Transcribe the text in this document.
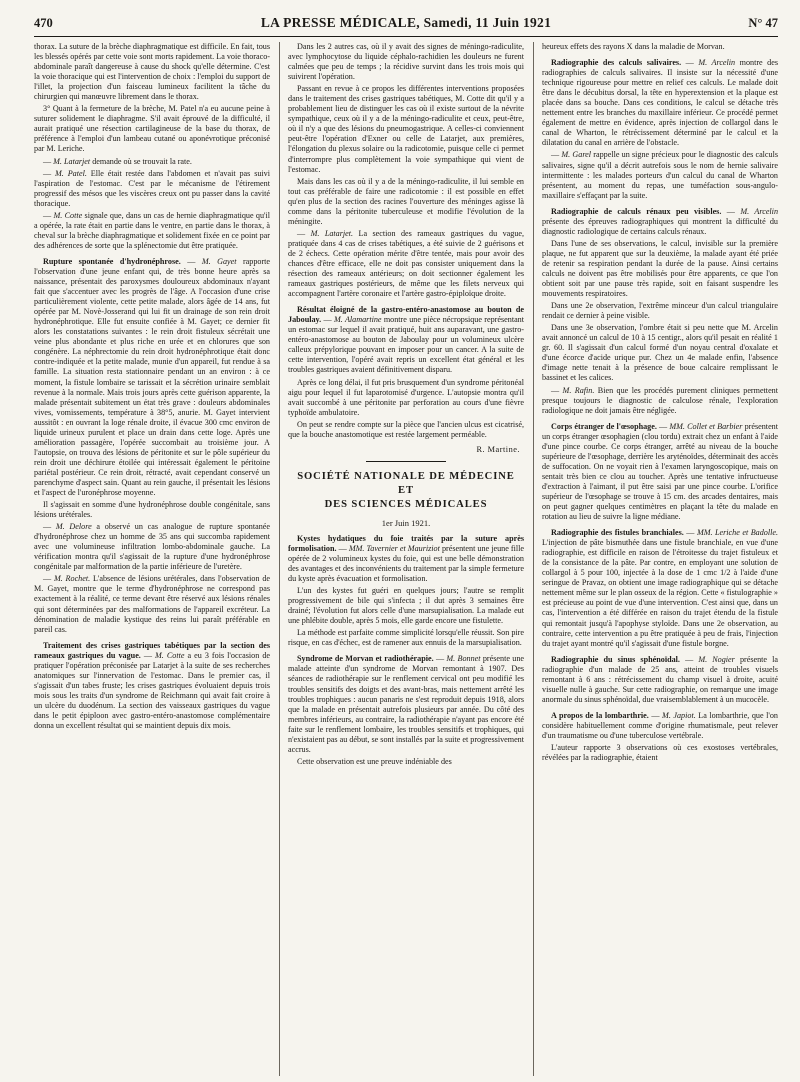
470	LA PRESSE MÉDICALE, Samedi, 11 Juin 1921	N° 47

thorax. La suture de la brèche diaphragmatique est difficile. En fait, tous les blessés opérés par cette voie sont morts rapidement. La voie thoraco-abdominale paraît dangereuse à cause du shock qu'elle détermine. C'est la voie thoracique qui est l'intervention de choix : l'emploi du support de l'illet, la projection d'un faisceau lumineux facilitent la tâche du chirurgien qui manœuvre librement dans le thorax.

3° Quant à la fermeture de la brèche, M. Patel n'a eu aucune peine à suturer solidement le diaphragme. S'il avait éprouvé de la difficulté, il aurait pratiqué une résection cartilagineuse de la base du thorax, de préférence à l'emploi d'un lambeau cutané ou aponévrotique préconisé par M. Leriche.

— M. Latarjet demande où se trouvait la rate.

— M. Patel. Elle était restée dans l'abdomen et n'avait pas suivi l'aspiration de l'estomac. C'est par le mécanisme de l'étirement progressif des mésos que les viscères creux ont pu passer dans la cavité thoracique.

— M. Cotte signale que, dans un cas de hernie diaphragmatique qu'il a opérée, la rate était en partie dans le ventre, en partie dans le thorax, à cheval sur la brèche diaphragmatique et solidement fixée en ce point par des adhérences de sorte que la splénectomie dut être pratiquée.

Rupture spontanée d'hydronéphrose. — M. Gayet rapporte l'observation d'une jeune enfant qui, de très bonne heure après sa naissance, présentait des paroxysmes douloureux abdominaux n'ayant fait que s'accentuer avec les progrès de l'âge. A l'occasion d'une crise particulièrement violente, cette petite malade, alors âgée de 14 ans, fut opérée par M. Novè-Josserand qui lui fit un drainage de son rein droit hydronéphrotique. Elle fut ensuite confiée à M. Gayet; ce dernier fit alors les constatations suivantes : le rein droit fistuleux sécrétait une veine plus abondante et plus riche en urée et en chlorures que son congénère. La néphrectomie du rein droit hydronéphrotique était donc contre-indiquée et la petite malade, munie d'un appareil, fut rendue à sa famille. La situation resta stationnaire pendant un an environ : à ce moment, la fistule lombaire se tarissait et la sécrétion urinaire semblait revenue à la normale. Mais trois jours après cette guérison apparente, la malade présentait subitement un état très grave : douleurs abdominales vives, vomissements, température à 38°5, anurie. M. Gayet intervient aussitôt : en ouvrant la loge rénale droite, il évacue 300 cmc environ de liquide urineux purulent et place un drain dans cette loge. Après une amélioration passagère, l'opérée succombait au troisième jour. A l'autopsie, on trouva des lésions de péritonite et sur le pôle supérieur du rein droit une déchirure étoilée qui intéressait également le péritoine pariétal postérieur. Ce rein droit, rétracté, avait cependant conservé un parenchyme d'aspect sain. Quant au rein gauche, il présentait les lésions et l'aspect de l'uronéphrose moyenne.

Il s'agissait en somme d'une hydronéphrose double congénitale, sans lésions urétérales.

— M. Delore a observé un cas analogue de rupture spontanée d'hydronéphrose chez un homme de 35 ans qui succomba rapidement avec une volumineuse infiltration lombo-abdominale gauche. La vérification montra qu'il s'agissait de la rupture d'une hydronéphrose congénitale par malformation de la partie inférieure de l'uretère.

— M. Rochet. L'absence de lésions urétérales, dans l'observation de M. Gayet, montre que le terme d'hydronéphrose ne correspond pas exactement à la réalité, ce terme devant être réservé aux lésions rénales qui sont déterminées par des malformations de l'appareil excréteur. La dénomination de maladie kystique des reins lui paraît préférable en pareil cas.

Traitement des crises gastriques tabétiques par la section des rameaux gastriques du vague. — M. Cotte a eu 3 fois l'occasion de pratiquer l'opération préconisée par Latarjet à la suite de ses recherches anatomiques sur l'innervation de l'estomac. Dans le premier cas, il s'agissait d'un tabes fruste; les crises gastriques évoluaient depuis trois mois sous les traits d'un syndrome de Reichmann qui avait fait croire à un ulcère du duodénum. La section des vaisseaux gastriques du vague dans le petit épiploon avec gastro-entéro-anastomose complémentaire donna un excellent résultat qui se maintient depuis dix mois.

Dans les 2 autres cas, où il y avait des signes de méningo-radiculite, avec lymphocytose du liquide céphalo-rachidien les douleurs ne furent calmées que peu de temps ; la récidive survint dans les trois mois qui suivirent l'opération.

Passant en revue à ce propos les différentes interventions proposées dans le traitement des crises gastriques tabétiques, M. Cotte dit qu'il y a probablement lieu de distinguer les cas où il existe surtout de la névrite sympathique, ceux où il y a de la méningo-radiculite et ceux, peut-être, où il n'y a que des lésions du pneumogastrique. A celles-ci conviennent peut-être l'opération d'Exner ou celle de Latarjet, aux premières, l'élongation du plexus solaire ou la radicotomie, puisque celle ci permet d'interrompre plus complètement la voie sympathique qui vient de l'estomac.

Mais dans les cas où il y a de la méningo-radiculite, il lui semble en tout cas préférable de faire une radicotomie : il est possible en effet qu'en plus de la section des racines l'ouverture des méninges agisse là comme dans la péritonite tuberculeuse et modifie l'évolution de la méningite.

— M. Latarjet. La section des rameaux gastriques du vague, pratiquée dans 4 cas de crises tabétiques, a été suivie de 2 guérisons et de 2 échecs. Cette opération mérite d'être tentée, mais pour avoir des chances d'être efficace, elle ne doit pas consister uniquement dans la résection des rameaux antérieurs; on doit sectionner également les rameaux gastriques postérieurs, de même que les filets nerveux qui accompagnent l'artère coronaire et l'artère gastro-épiploïque droite.

Résultat éloigné de la gastro-entéro-anastomose au bouton de Jaboulay. — M. Alamartine montre une pièce nécropsique représentant un estomac sur lequel il avait pratiqué, huit ans auparavant, une gastro-entéro-anastomose au bouton de Jaboulay pour un volumineux ulcère calleux prépylorique pouvant en imposer pour un cancer. A la suite de cette intervention, l'opéré avait repris un excellent état général et les troubles gastriques avaient définitivement disparu.

Après ce long délai, il fut pris brusquement d'un syndrome péritonéal aigu pour lequel il fut laparotomisé d'urgence. L'autopsie montra qu'il avait succombé à une péritonite par perforation au cours d'une fièvre typhoïde ambulatoire.

On peut se rendre compte sur la pièce que l'ancien ulcus est cicatrisé, que la bouche anastomotique est restée largement perméable.

R. Martine.

SOCIÉTÉ NATIONALE DE MÉDECINE
ET
DES SCIENCES MÉDICALES
1er Juin 1921.

Kystes hydatiques du foie traités par la suture après formolisation. — MM. Tavernier et Mauriziot présentent une jeune fille opérée de 2 volumineux kystes du foie, qui est une belle démonstration des avantages et des inconvénients du traitement par la simple fermeture du kyste après évacuation et formolisation.

L'un des kystes fut guéri en quelques jours; l'autre se remplit progressivement de bile qui s'infecta ; il dut après 3 semaines être drainé; l'évolution fut alors celle d'une marsupialisation. La malade eut une phlébite double, après 5 mois, elle garde encore une fistulette.

La méthode est parfaite comme simplicité lorsqu'elle réussit. Son pire risque, en cas d'échec, est de ramener aux ennuis de la marsupialisation.

Syndrome de Morvan et radiothérapie. — M. Bonnet présente une malade atteinte d'un syndrome de Morvan remontant à 1907. Des séances de radiothérapie sur le renflement cervical ont peu modifié les troubles sensitifs des doigts et des avant-bras, mais nettement arrêté les troubles trophiques : aucun panaris ne s'est reproduit depuis 1918, alors que la malade en présentait autrefois plusieurs par année. Du côté des membres inférieurs, au contraire, la radiothérapie n'ayant pas encore été faite sur le renflement lombaire, les troubles sensitifs et trophiques, qui n'existaient pas au début, se sont installés par la suite et progressivement accrus.

Cette observation est une preuve indéniable des

heureux effets des rayons X dans la maladie de Morvan.

Radiographie des calculs salivaires. — M. Arcelin montre des radiographies de calculs salivaires. Il insiste sur la nécessité d'une technique rigoureuse pour mettre en relief ces calculs. Le malade doit être dans le décubitus dorsal, la tête en hyperextension et la plaque est placée dans sa bouche. Dans ces conditions, le calcul se détache très nettement entre les branches du maxillaire inférieur. Ce procédé permet également de mettre en évidence, après injection de collargol dans le canal de Wharton, le rétrécissement déterminé par le calcul et la dilatation du canal en arrière de l'obstacle.

— M. Garel rappelle un signe précieux pour le diagnostic des calculs salivaires, signe qu'il a décrit autrefois sous le nom de hernie salivaire intermittente : les malades porteurs d'un calcul du canal de Wharton présentent, au moment du repas, une tuméfaction sous-angulo-maxillaire s'effaçant par la suite.

Radiographie de calculs rénaux peu visibles. — M. Arcelin présente des épreuves radiographiques qui montrent la difficulté du diagnostic radiologique de certains calculs rénaux.

Dans l'une de ses observations, le calcul, invisible sur la première plaque, ne fut apparent que sur la deuxième, la malade ayant été priée de retenir sa respiration pendant la durée de la pause. Ainsi certains calculs ne doivent pas être mobilisés pour être apparents, ce que l'on obtient soit par une pause très rapide, soit en faisant suspendre les mouvements respiratoires.

Dans une 2e observation, l'extrême minceur d'un calcul triangulaire rendait ce dernier à peine visible.

Dans une 3e observation, l'ombre était si peu nette que M. Arcelin avait annoncé un calcul de 10 à 15 centigr., alors qu'il pesait en réalité 1 gr. 60. Il s'agissait d'un calcul formé d'un noyau central d'oxalate et d'une écorce d'acide urique pur. Chez un 4e malade enfin, l'absence d'image nette tenait à la présence de boue calcaire remplissant le bassinet et les calices.

— M. Rafin. Bien que les procédés purement cliniques permettent presque toujours le diagnostic de calculose rénale, l'exploration radiologique ne doit jamais être négligée.

Corps étranger de l'œsophage. — MM. Collet et Barbier présentent un corps étranger œsophagien (clou tordu) extrait chez un enfant à l'aide d'une pince courbe. Ce corps étranger, arrêté au niveau de la bouche supérieure de l'œsophage, derrière les aryténoïdes, déterminait des accès de suffocation. On ne voyait rien à l'examen laryngoscopique, mais on sentait très bien ce clou au toucher. Après une tentative infructueuse d'extraction à l'aimant, il put être saisi par une pince courbe. L'orifice supérieur de l'œsophage se trouve à 15 cm. des arcades dentaires, mais on peut gagner quelques centimètres en plaçant la tête du malade en rotation au lieu de suivre la ligne médiane.

Radiographie des fistules branchiales. — MM. Leriche et Badolle. L'injection de pâte bismuthée dans une fistule branchiale, en vue d'une radiographie, est difficile en raison de l'étroitesse du trajet fistuleux et de la consistance de la pâte. Par contre, en employant une solution de collargol à 5 pour 100, injectée à la dose de 1 cmc 1/2 à l'aide d'une seringue de Pravaz, on obtient une image radiographique qui se détache nettement même sur le plan osseux de la région. Cette « fistulographie » est précieuse au point de vue d'une intervention. C'est ainsi que, dans un cas, l'intervention a été différée en raison du trajet étendu de la fistule qui remontait jusqu'à l'apophyse styloïde. Dans une 2e observation, au contraire, cette intervention a pu être pratiquée à peu de frais, l'injection du trajet ayant montré qu'il s'agissait d'une fistule borgne.

Radiographie du sinus sphénoïdal. — M. Nogier présente la radiographie d'un malade de 25 ans, atteint de troubles visuels remontant à 6 ans : rétrécissement du champ visuel à droite, acuité visuelle nulle à gauche. Sur cette radiographie, on remarque une image anormale du sinus sphénoïdal, due vraisemblablement à un mucocèle.

A propos de la lombarthrie. — M. Japiot. La lombarthrie, que l'on considère habituellement comme d'origine rhumatismale, peut relever d'un traumatisme ou d'une tuberculose vertébrale.

L'auteur rapporte 3 observations où ces exostoses vertébrales, révélées par la radiographie, étaient
